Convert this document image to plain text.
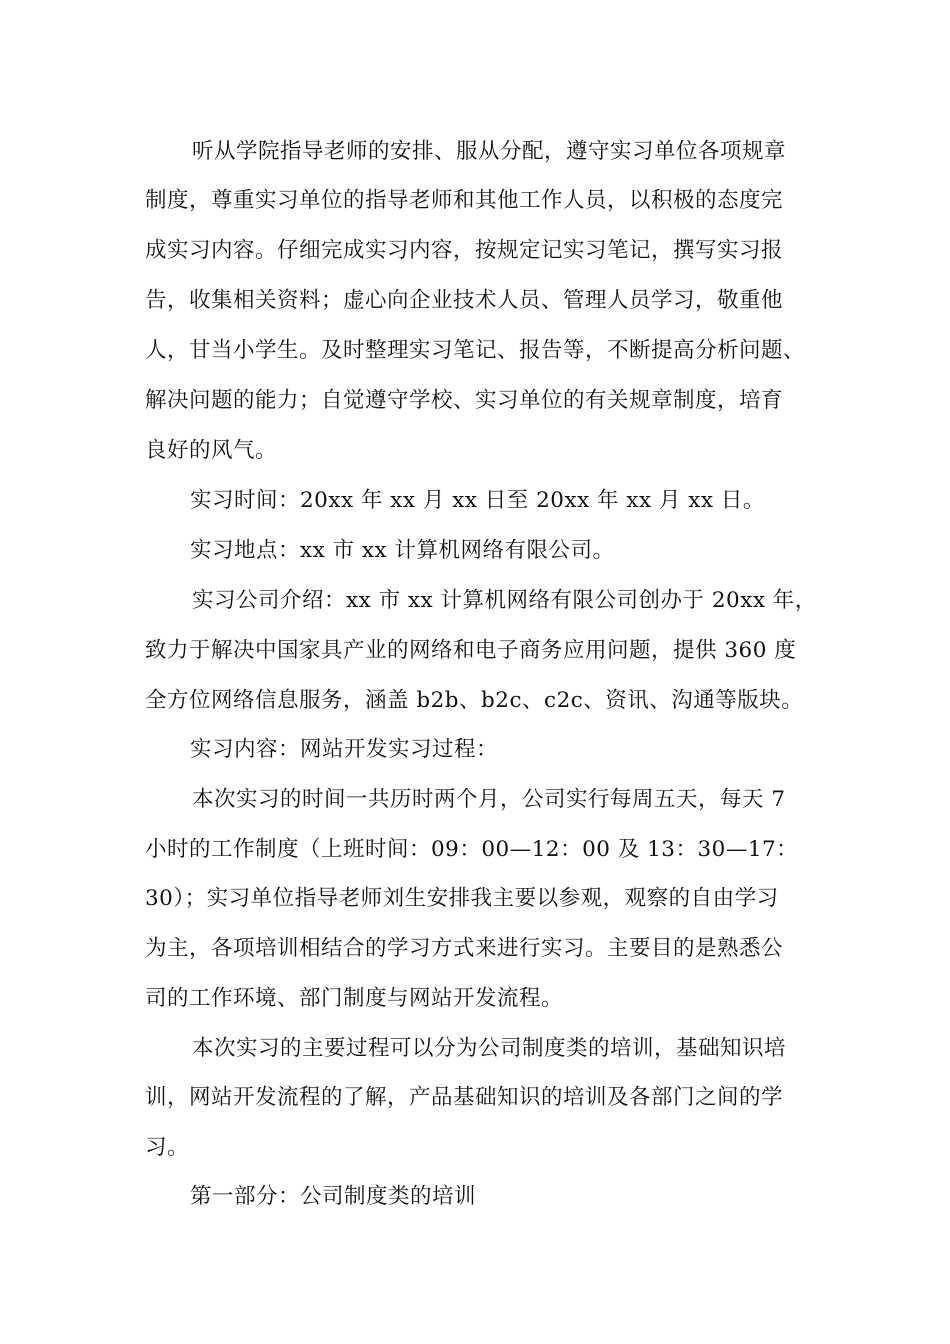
听从学院指导老师的安排、服从分配，遵守实习单位各项规章
制度，尊重实习单位的指导老师和其他工作人员，以积极的态度完
成实习内容。仔细完成实习内容，按规定记实习笔记，撰写实习报
告，收集相关资料；虚心向企业技术人员、管理人员学习，敬重他
人，甘当小学生。及时整理实习笔记、报告等，不断提高分析问题、
解决问题的能力；自觉遵守学校、实习单位的有关规章制度，培育
良好的风气。
实习时间：20xx 年 xx 月 xx 日至 20xx 年 xx 月 xx 日。
实习地点：xx 市 xx 计算机网络有限公司。
实习公司介绍：xx 市 xx 计算机网络有限公司创办于 20xx 年，
致力于解决中国家具产业的网络和电子商务应用问题，提供 360 度
全方位网络信息服务，涵盖 b2b、b2c、c2c、资讯、沟通等版块。
实习内容：网站开发实习过程：
本次实习的时间一共历时两个月，公司实行每周五天，每天 7
小时的工作制度（上班时间：09：00—12：00 及 13：30—17：
30）；实习单位指导老师刘生安排我主要以参观，观察的自由学习
为主，各项培训相结合的学习方式来进行实习。主要目的是熟悉公
司的工作环境、部门制度与网站开发流程。
本次实习的主要过程可以分为公司制度类的培训，基础知识培
训，网站开发流程的了解，产品基础知识的培训及各部门之间的学
习。
第一部分：公司制度类的培训
